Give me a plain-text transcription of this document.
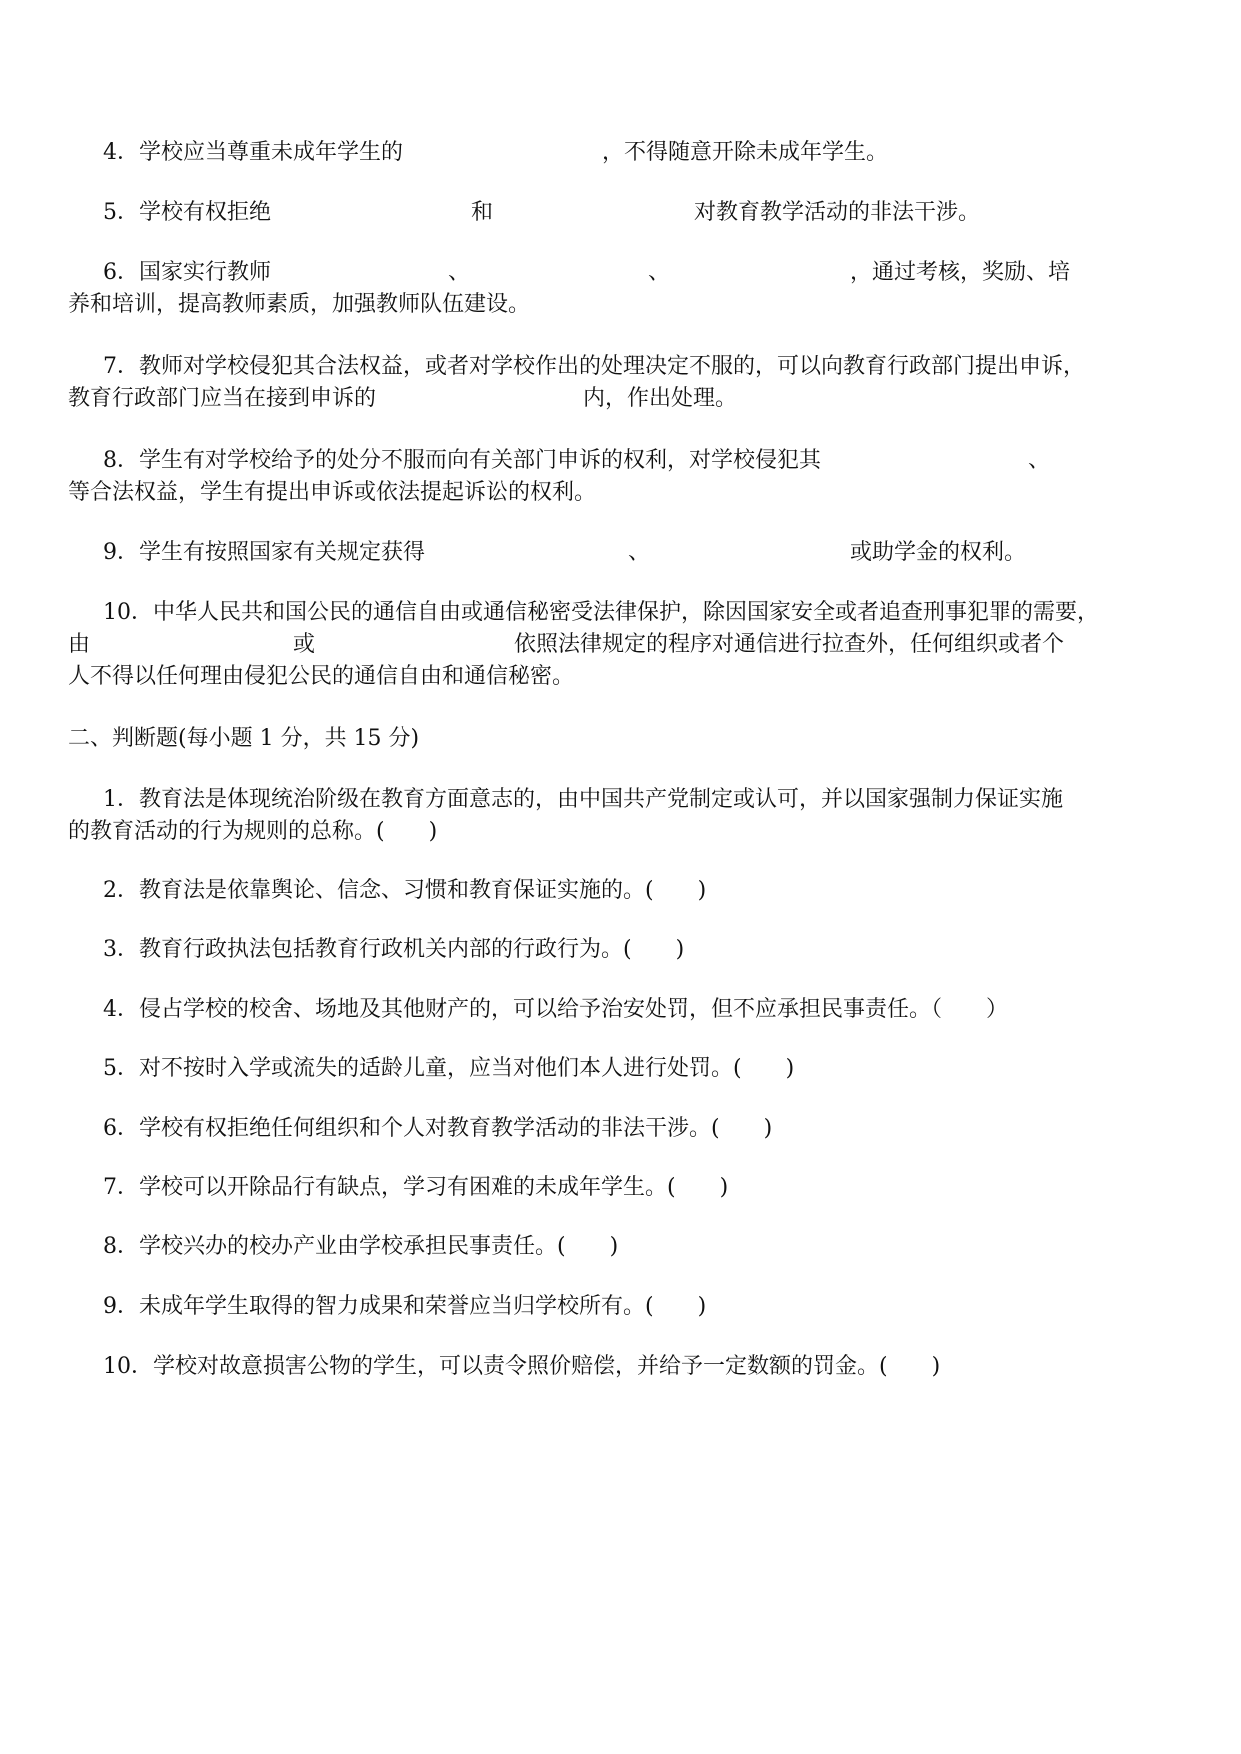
4．学校应当尊重未成年学生的	，不得随意开除未成年学生。
5．学校有权拒绝	和	对教育教学活动的非法干涉。
6．国家实行教师	、	、	，通过考核，奖励、培
养和培训，提高教师素质，加强教师队伍建设。
7．教师对学校侵犯其合法权益，或者对学校作出的处理决定不服的，可以向教育行政部门提出申诉，
教育行政部门应当在接到申诉的	内，作出处理。
8．学生有对学校给予的处分不服而向有关部门申诉的权利，对学校侵犯其	、
等合法权益，学生有提出申诉或依法提起诉讼的权利。
9．学生有按照国家有关规定获得	、	或助学金的权利。
10．中华人民共和国公民的通信自由或通信秘密受法律保护，除因国家安全或者追查刑事犯罪的需要，
由	或	依照法律规定的程序对通信进行拉查外，任何组织或者个
人不得以任何理由侵犯公民的通信自由和通信秘密。
二、判断题(每小题 1 分，共 15 分)
1．教育法是体现统治阶级在教育方面意志的，由中国共产党制定或认可，并以国家强制力保证实施
的教育活动的行为规则的总称。(　　)
2．教育法是依靠舆论、信念、习惯和教育保证实施的。(　　)
3．教育行政执法包括教育行政机关内部的行政行为。(　　)
4．侵占学校的校舍、场地及其他财产的，可以给予治安处罚，但不应承担民事责任。（　　）
5．对不按时入学或流失的适龄儿童，应当对他们本人进行处罚。(　　)
6．学校有权拒绝任何组织和个人对教育教学活动的非法干涉。(　　)
7．学校可以开除品行有缺点，学习有困难的未成年学生。(　　)
8．学校兴办的校办产业由学校承担民事责任。(　　)
9．未成年学生取得的智力成果和荣誉应当归学校所有。(　　)
10．学校对故意损害公物的学生，可以责令照价赔偿，并给予一定数额的罚金。(　　)
